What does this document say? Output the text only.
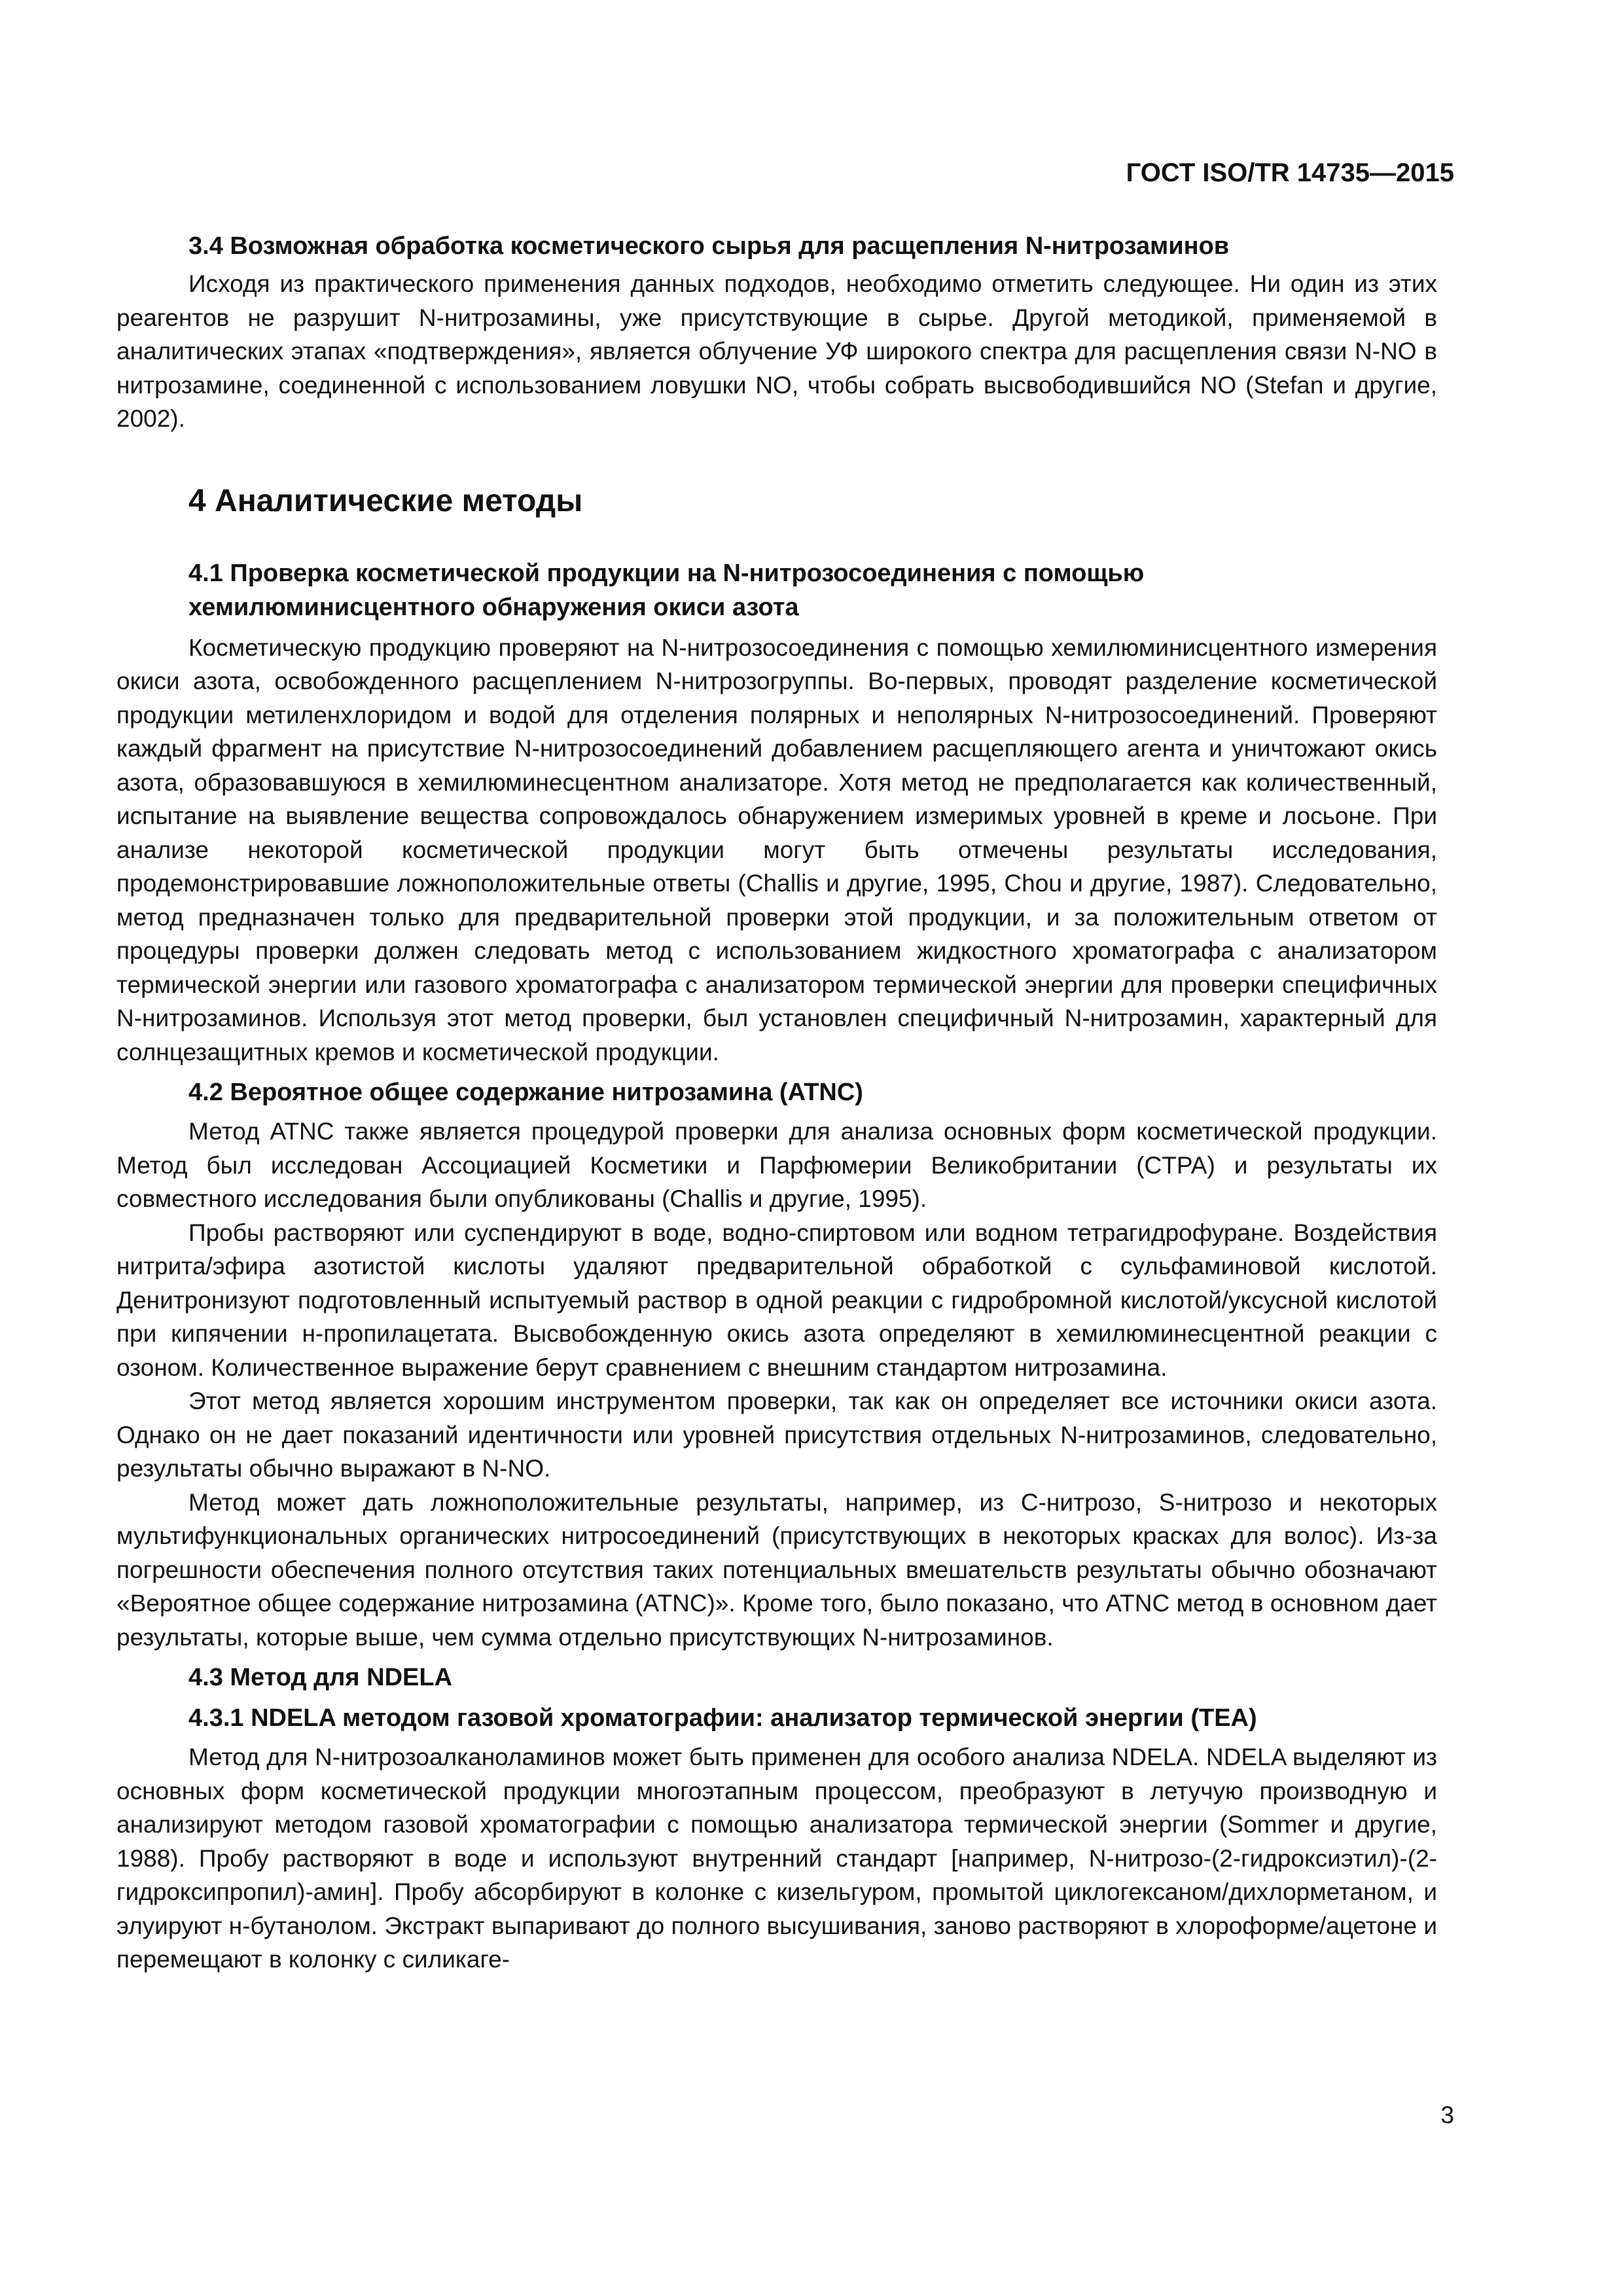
ГОСТ ISO/TR 14735—2015
3.4 Возможная обработка косметического сырья для расщепления N-нитрозаминов

Исходя из практического применения данных подходов, необходимо отметить следующее. Ни один из этих реагентов не разрушит N-нитрозамины, уже присутствующие в сырье. Другой методикой, применяемой в аналитических этапах «подтверждения», является облучение УФ широкого спектра для расщепления связи N-NO в нитрозамине, соединенной с использованием ловушки NO, чтобы собрать высвободившийся NO (Stefan и другие, 2002).

4 Аналитические методы
4.1 Проверка косметической продукции на N-нитрозосоединения с помощью
хемилюминисцентного обнаружения окиси азота

Косметическую продукцию проверяют на N-нитрозосоединения с помощью хемилюминисцентного измерения окиси азота, освобожденного расщеплением N-нитрозогруппы. Во-первых, проводят разделение косметической продукции метиленхлоридом и водой для отделения полярных и неполярных N-нитрозосоединений. Проверяют каждый фрагмент на присутствие N-нитрозосоединений добавлением расщепляющего агента и уничтожают окись азота, образовавшуюся в хемилюминесцентном анализаторе. Хотя метод не предполагается как количественный, испытание на выявление вещества сопровождалось обнаружением измеримых уровней в креме и лосьоне. При анализе некоторой косметической продукции могут быть отмечены результаты исследования, продемонстрировавшие ложноположительные ответы (Challis и другие, 1995, Chou и другие, 1987). Следовательно, метод предназначен только для предварительной проверки этой продукции, и за положительным ответом от процедуры проверки должен следовать метод с использованием жидкостного хроматографа с анализатором термической энергии или газового хроматографа с анализатором термической энергии для проверки специфичных N-нитрозаминов. Используя этот метод проверки, был установлен специфичный N-нитрозамин, характерный для солнцезащитных кремов и косметической продукции.

4.2 Вероятное общее содержание нитрозамина (ATNC)

Метод ATNC также является процедурой проверки для анализа основных форм косметической продукции. Метод был исследован Ассоциацией Косметики и Парфюмерии Великобритании (CTPA) и результаты их совместного исследования были опубликованы (Challis и другие, 1995).

Пробы растворяют или суспендируют в воде, водно-спиртовом или водном тетрагидрофуране. Воздействия нитрита/эфира азотистой кислоты удаляют предварительной обработкой с сульфаминовой кислотой. Денитронизуют подготовленный испытуемый раствор в одной реакции с гидробромной кислотой/уксусной кислотой при кипячении н-пропилацетата. Высвобожденную окись азота определяют в хемилюминесцентной реакции с озоном. Количественное выражение берут сравнением с внешним стандартом нитрозамина.

Этот метод является хорошим инструментом проверки, так как он определяет все источники окиси азота. Однако он не дает показаний идентичности или уровней присутствия отдельных N-нитрозаминов, следовательно, результаты обычно выражают в N-NO.

Метод может дать ложноположительные результаты, например, из C-нитрозо, S-нитрозо и некоторых мультифункциональных органических нитросоединений (присутствующих в некоторых красках для волос). Из-за погрешности обеспечения полного отсутствия таких потенциальных вмешательств результаты обычно обозначают «Вероятное общее содержание нитрозамина (ATNC)». Кроме того, было показано, что ATNC метод в основном дает результаты, которые выше, чем сумма отдельно присутствующих N-нитрозаминов.

4.3 Метод для NDELA
4.3.1 NDELA методом газовой хроматографии: анализатор термической энергии (TEA)

Метод для N-нитрозоалканоламинов может быть применен для особого анализа NDELA. NDELA выделяют из основных форм косметической продукции многоэтапным процессом, преобразуют в летучую производную и анализируют методом газовой хроматографии с помощью анализатора термической энергии (Sommer и другие, 1988). Пробу растворяют в воде и используют внутренний стандарт [например, N-нитрозо-(2-гидроксиэтил)-(2-гидроксипропил)-амин]. Пробу абсорбируют в колонке с кизельгуром, промытой циклогексаном/дихлорметаном, и элуируют н-бутанолом. Экстракт выпаривают до полного высушивания, заново растворяют в хлороформе/ацетоне и перемещают в колонку с силикаге-

3
